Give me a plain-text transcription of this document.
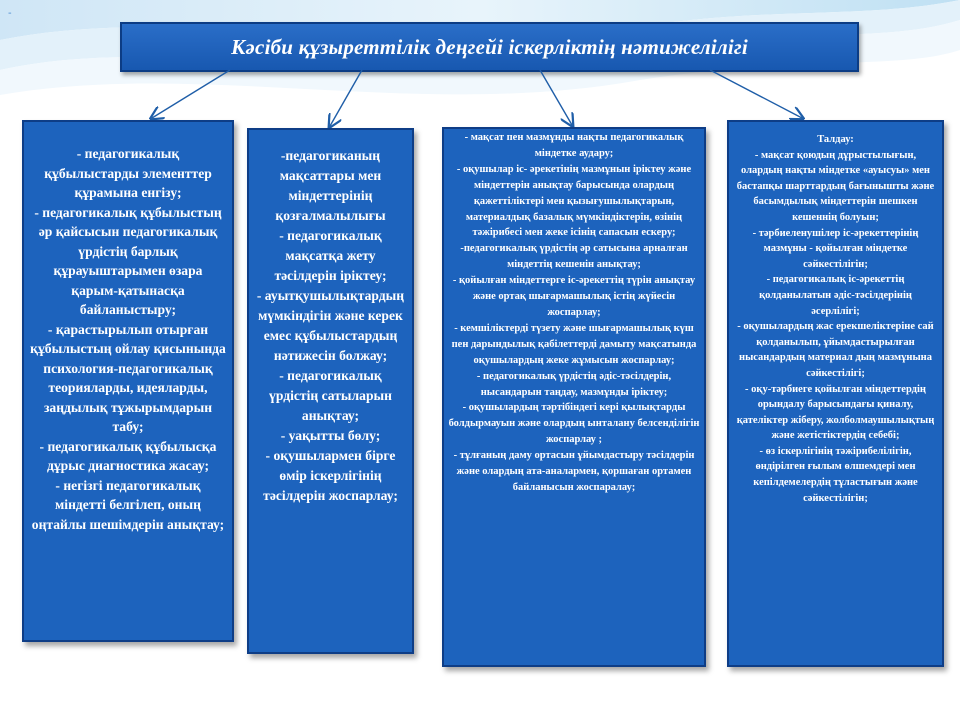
-
Кәсіби құзыреттілік деңгейі іскерліктің нәтижелілігі
- педагогикалық құбылыстарды элементтер құрамына енгізу;
- педагогикалық құбылыстың әр қайсысын педагогикалық үрдістің барлық құрауыштарымен өзара қарым-қатынасқа байланыстыру;
- қарастырылып отырған құбылыстың ойлау қисынында психология-педагогикалық теорияларды, идеяларды, заңдылық тұжырымдарын табу;
- педагогикалық құбылысқа дұрыс диагностика жасау;
- негізгі педагогикалық міндетті белгілеп, оның оңтайлы шешімдерін анықтау;
-педагогиканың мақсаттары мен міндеттерінің қозғалмалылығы
- педагогикалық мақсатқа жету тәсілдерін іріктеу;
- ауытқушылықтардың мүмкіндігін және керек емес құбылыстардың нәтижесін болжау;
- педагогикалық үрдістің сатыларын анықтау;
- уақытты бөлу;
- оқушылармен бірге өмір іскерлігінің тәсілдерін жоспарлау;
- мақсат пен мазмұнды нақты педагогикалық міндетке аудару;
- оқушылар іс- әрекетінің мазмұнын іріктеу және міндеттерін анықтау барысында олардың қажеттіліктері мен қызығушылықтарын, материалдық базалық мүмкіндіктерін, өзінің тәжірибесі мен жеке ісінің сапасын ескеру;
-педагогикалық үрдістің әр сатысына арналған міндеттің кешенін анықтау;
- қойылған міндеттерге іс-әрекеттің түрін анықтау және ортақ шығармашылық істің жүйесін жоспарлау;
- кемшіліктерді түзету және шығармашылық күш пен дарындылық қабілеттерді дамыту мақсатында оқушылардың жеке жұмысын жоспарлау;
- педагогикалық үрдістің әдіс-тәсілдерін, нысандарын таңдау, мазмұнды іріктеу;
- оқушылардың тәртібіндегі кері қылықтарды болдырмауын және олардың ынталану белсенділігін жоспарлау ;
- тұлғаның даму ортасын ұйымдастыру тәсілдерін және олардың ата-аналармен, қоршаған ортамен байланысын жоспаралау;
Талдау:
- мақсат қоюдың дұрыстылығын, олардың нақты міндетке «ауысуы» мен бастапқы шарттардың бағынышты және басымдылық міндеттерін шешкен кешеннің болуын;
- тәрбиеленушілер іс-әрекеттерінің мазмұны - қойылған міндетке сәйкестілігін;
- педагогикалық іс-әрекеттің қолданылатын әдіс-тәсілдерінің әсерлілігі;
- оқушылардың жас ерекшеліктеріне сай қолданылып, ұйымдастырылған нысандардың материал дың мазмұнына сәйкестілігі;
- оқу-тәрбиеге қойылған міндеттердің орындалу барысындағы қиналу, қателіктер жіберу, жолболмаушылықтың және жетістіктердің себебі;
- өз іскерлігінің тәжірибелілігін, өндірілген ғылым өлшемдері мен кепілдемелердің тұластығын және сәйкестілігін;
